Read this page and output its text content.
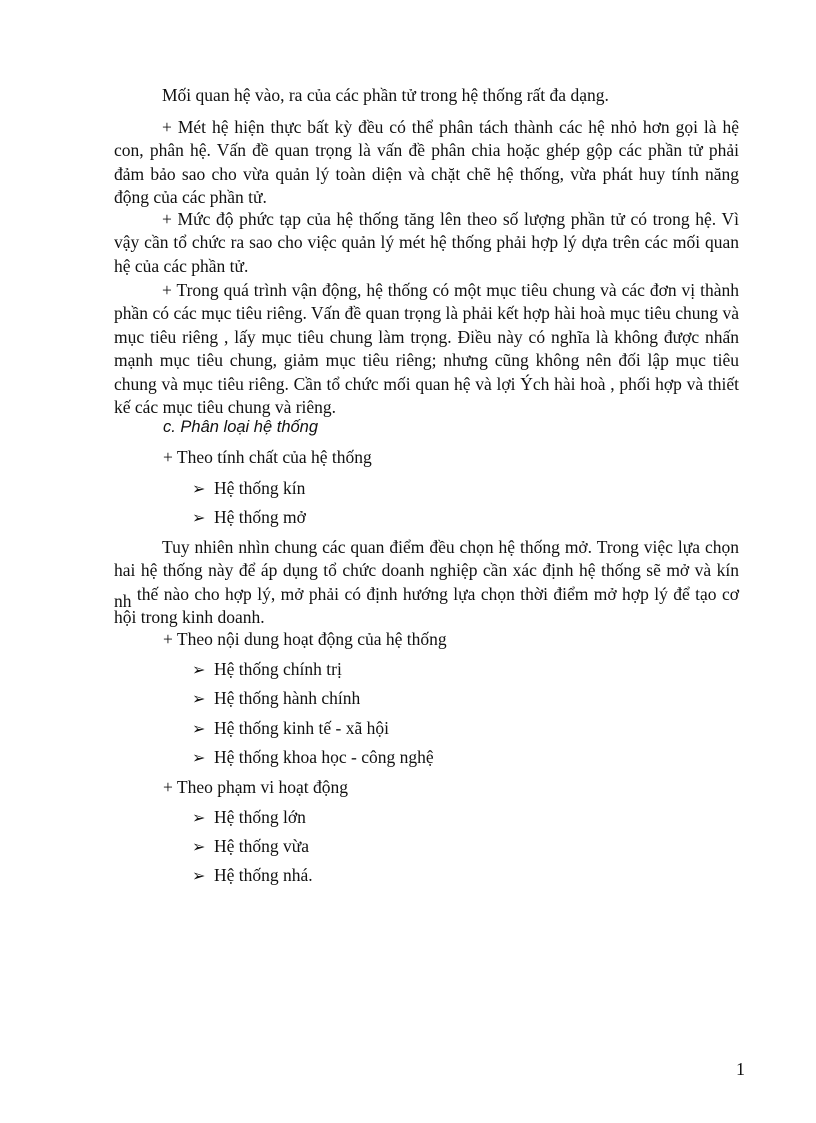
Mối quan hệ vào, ra của các phần tử trong hệ thống rất đa dạng.

+ Mét hệ hiện thực bất kỳ đều có thể phân tách thành các hệ nhỏ hơn gọi là hệ con, phân hệ. Vấn đề quan trọng là vấn đề phân chia hoặc ghép gộp các phần tử phải đảm bảo sao cho vừa quản lý toàn diện và chặt chẽ hệ thống, vừa phát huy tính năng động của các phần tử.

+ Mức độ phức tạp của hệ thống tăng lên theo số lượng phần tử có trong hệ. Vì vậy cần tổ chức ra sao cho việc quản lý mét hệ thống phải hợp lý dựa trên các mối quan hệ của các phần tử.

+ Trong quá trình vận động, hệ thống có một mục tiêu chung và các đơn vị thành phần có các mục tiêu riêng. Vấn đề quan trọng là phải kết hợp hài hoà mục tiêu chung và mục tiêu riêng , lấy mục tiêu chung làm trọng. Điều này có nghĩa là không được nhấn mạnh mục tiêu chung, giảm mục tiêu riêng; nhưng cũng không nên đối lập mục tiêu chung và mục tiêu riêng. Cần tổ chức mối quan hệ và lợi Ých hài hoà , phối hợp và thiết kế các mục tiêu chung và riêng.

c. Phân loại hệ thống

+ Theo tính chất của hệ thống

➢ Hệ thống kín

➢ Hệ thống mở

Tuy nhiên nhìn chung các quan điểm đều chọn hệ thống mở. Trong việc lựa chọn hai hệ thống này để áp dụng tổ chức doanh nghiệp cần xác định hệ thống sẽ mở và kín nh thế nào cho hợp lý, mở phải có định hướng lựa chọn thời điểm mở hợp lý để tạo cơ hội trong kinh doanh.

+ Theo nội dung hoạt động của hệ thống

➢ Hệ thống chính trị

➢ Hệ thống hành chính

➢ Hệ thống kinh tế - xã hội

➢ Hệ thống khoa học - công nghệ

+ Theo phạm vi hoạt động

➢ Hệ thống lớn

➢ Hệ thống vừa

➢ Hệ thống nhá.

1
